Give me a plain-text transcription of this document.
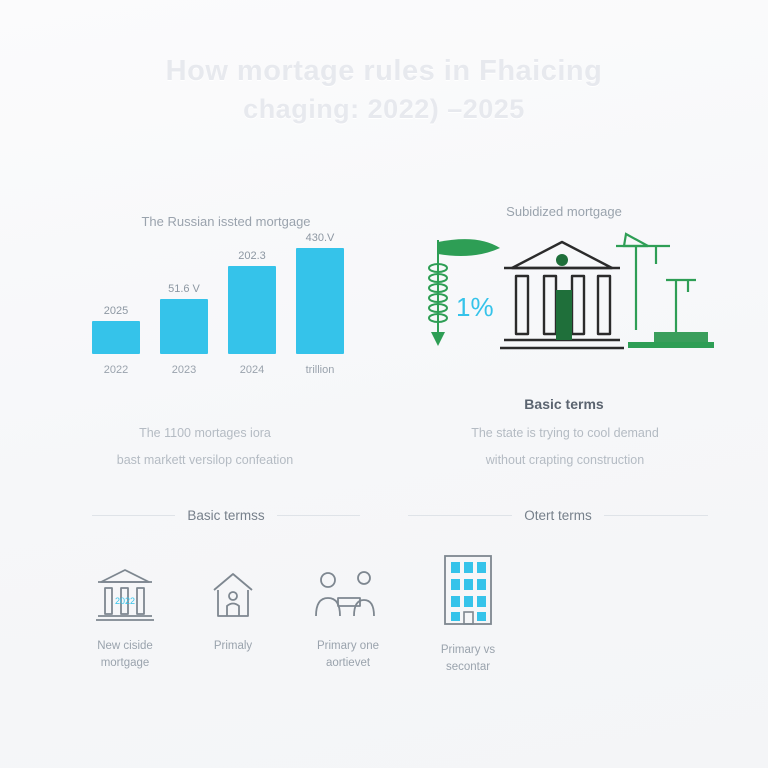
How mortage rules in Fhaicing
chaging: 2022) –2025
The Russian issted mortgage
2025
51.6 V
202.3
430.V
2022	2023	2024	trillion
The 1100 mortages iora
bast markett versilop confeation
Subidized mortgage
1%
Basic terms
The state is trying to cool demand
without crapting construction
Basic termss	Otert terms
2022
New ciside
mortgage
Primaly	Primary one
aortievet
Primary vs
secontar
